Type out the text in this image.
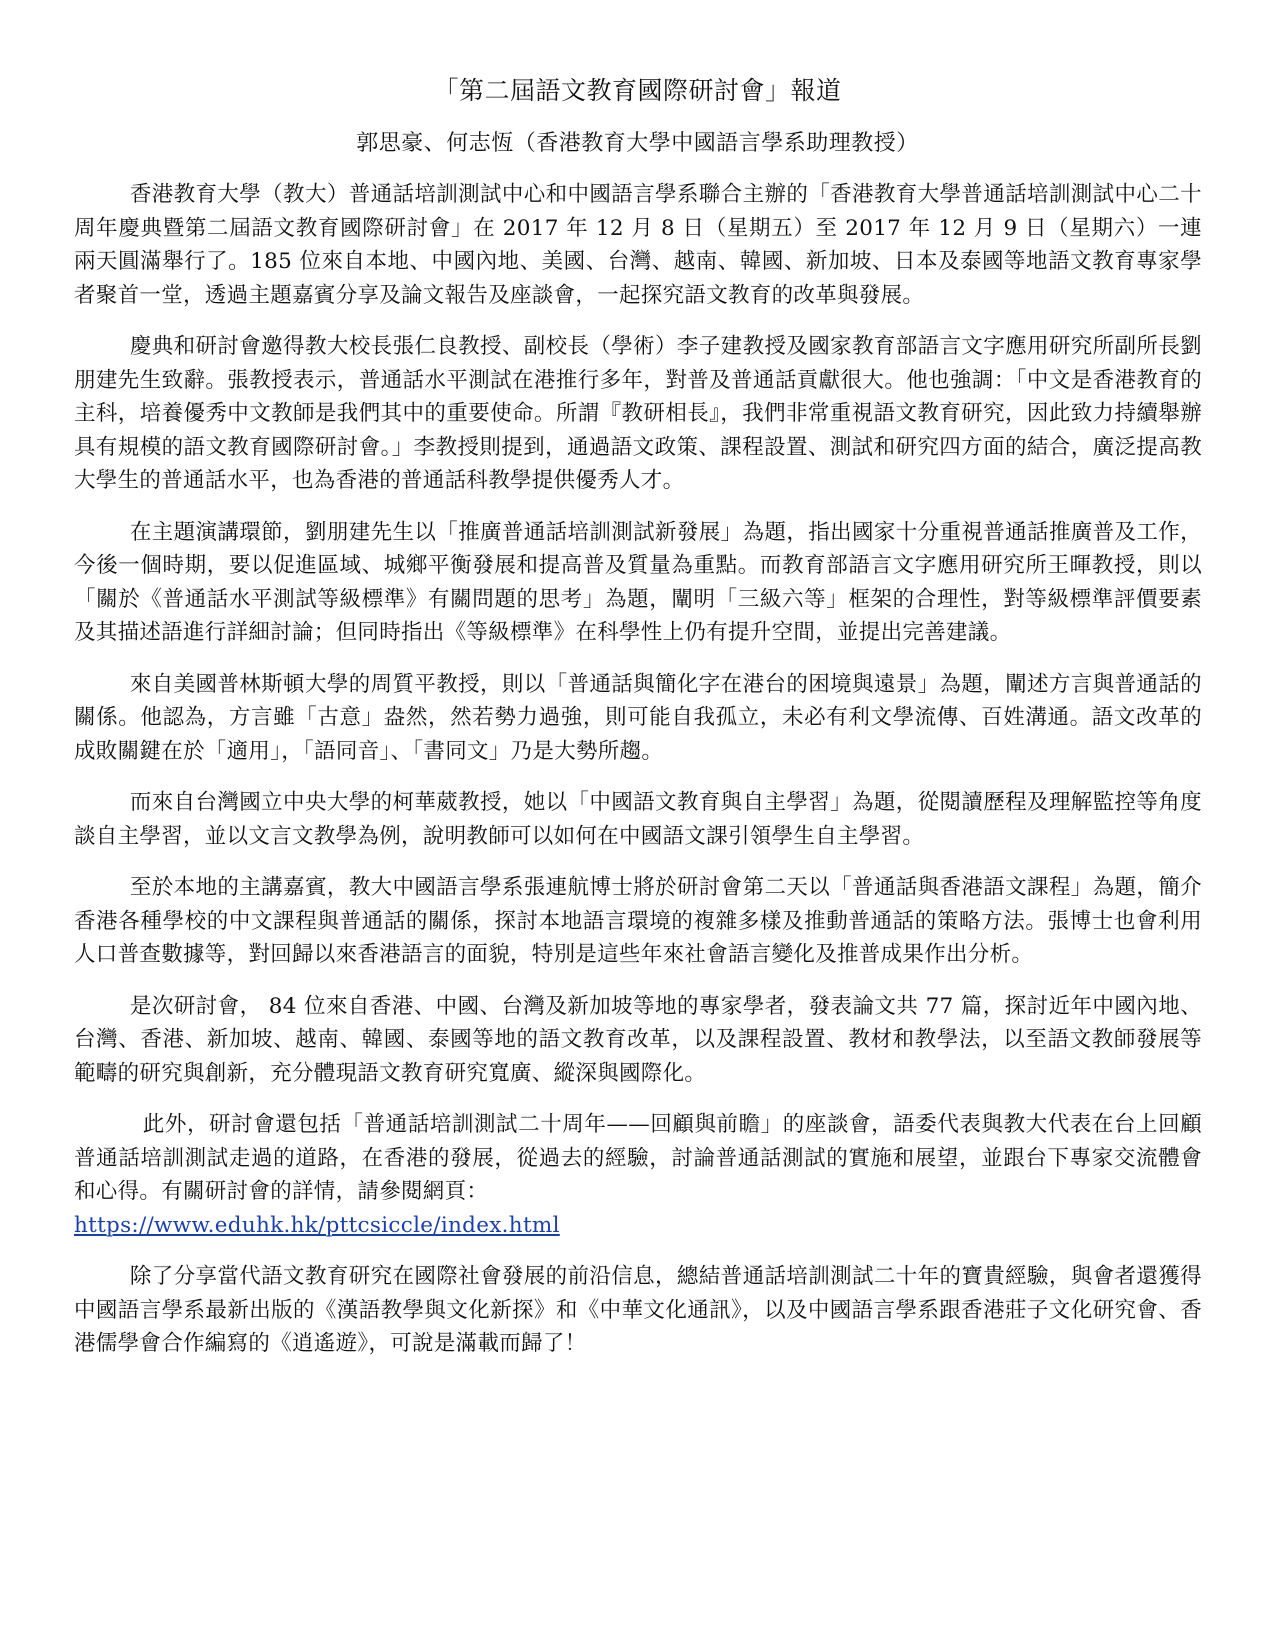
「第二屆語文教育國際研討會」報道

郭思豪、何志恆（香港教育大學中國語言學系助理教授）

香港教育大學（教大）普通話培訓測試中心和中國語言學系聯合主辦的「香港教育大學普通話培訓測試中心二十周年慶典暨第二屆語文教育國際研討會」在 2017 年 12 月 8 日（星期五）至 2017 年 12 月 9 日（星期六）一連兩天圓滿舉行了。185 位來自本地、中國內地、美國、台灣、越南、韓國、新加坡、日本及泰國等地語文教育專家學者聚首一堂，透過主題嘉賓分享及論文報告及座談會，一起探究語文教育的改革與發展。

慶典和研討會邀得教大校長張仁良教授、副校長（學術）李子建教授及國家教育部語言文字應用研究所副所長劉朋建先生致辭。張教授表示，普通話水平測試在港推行多年，對普及普通話貢獻很大。他也強調：「中文是香港教育的主科，培養優秀中文教師是我們其中的重要使命。所謂『教研相長』，我們非常重視語文教育研究，因此致力持續舉辦具有規模的語文教育國際研討會。」李教授則提到，通過語文政策、課程設置、測試和研究四方面的結合，廣泛提高教大學生的普通話水平，也為香港的普通話科教學提供優秀人才。

在主題演講環節，劉朋建先生以「推廣普通話培訓測試新發展」為題，指出國家十分重視普通話推廣普及工作，今後一個時期，要以促進區域、城鄉平衡發展和提高普及質量為重點。而教育部語言文字應用研究所王暉教授，則以「關於《普通話水平測試等級標準》有關問題的思考」為題，闡明「三級六等」框架的合理性，對等級標準評價要素及其描述語進行詳細討論；但同時指出《等級標準》在科學性上仍有提升空間，並提出完善建議。

來自美國普林斯頓大學的周質平教授，則以「普通話與簡化字在港台的困境與遠景」為題，闡述方言與普通話的關係。他認為，方言雖「古意」盎然，然若勢力過強，則可能自我孤立，未必有利文學流傳、百姓溝通。語文改革的成敗關鍵在於「適用」，「語同音」、「書同文」乃是大勢所趨。

而來自台灣國立中央大學的柯華葳教授，她以「中國語文教育與自主學習」為題，從閱讀歷程及理解監控等角度談自主學習，並以文言文教學為例，說明教師可以如何在中國語文課引領學生自主學習。

至於本地的主講嘉賓，教大中國語言學系張連航博士將於研討會第二天以「普通話與香港語文課程」為題，簡介香港各種學校的中文課程與普通話的關係，探討本地語言環境的複雜多樣及推動普通話的策略方法。張博士也會利用人口普查數據等，對回歸以來香港語言的面貌，特別是這些年來社會語言變化及推普成果作出分析。

是次研討會， 84 位來自香港、中國、台灣及新加坡等地的專家學者，發表論文共 77 篇，探討近年中國內地、台灣、香港、新加坡、越南、韓國、泰國等地的語文教育改革，以及課程設置、教材和教學法，以至語文教師發展等範疇的研究與創新，充分體現語文教育研究寬廣、縱深與國際化。

此外，研討會還包括「普通話培訓測試二十周年——回顧與前瞻」的座談會，語委代表與教大代表在台上回顧普通話培訓測試走過的道路，在香港的發展，從過去的經驗，討論普通話測試的實施和展望，並跟台下專家交流體會和心得。有關研討會的詳情，請參閱網頁：
https://www.eduhk.hk/pttcsiccle/index.html

除了分享當代語文教育研究在國際社會發展的前沿信息，總結普通話培訓測試二十年的寶貴經驗，與會者還獲得中國語言學系最新出版的《漢語教學與文化新探》和《中華文化通訊》，以及中國語言學系跟香港莊子文化研究會、香港儒學會合作編寫的《逍遙遊》，可說是滿載而歸了！
